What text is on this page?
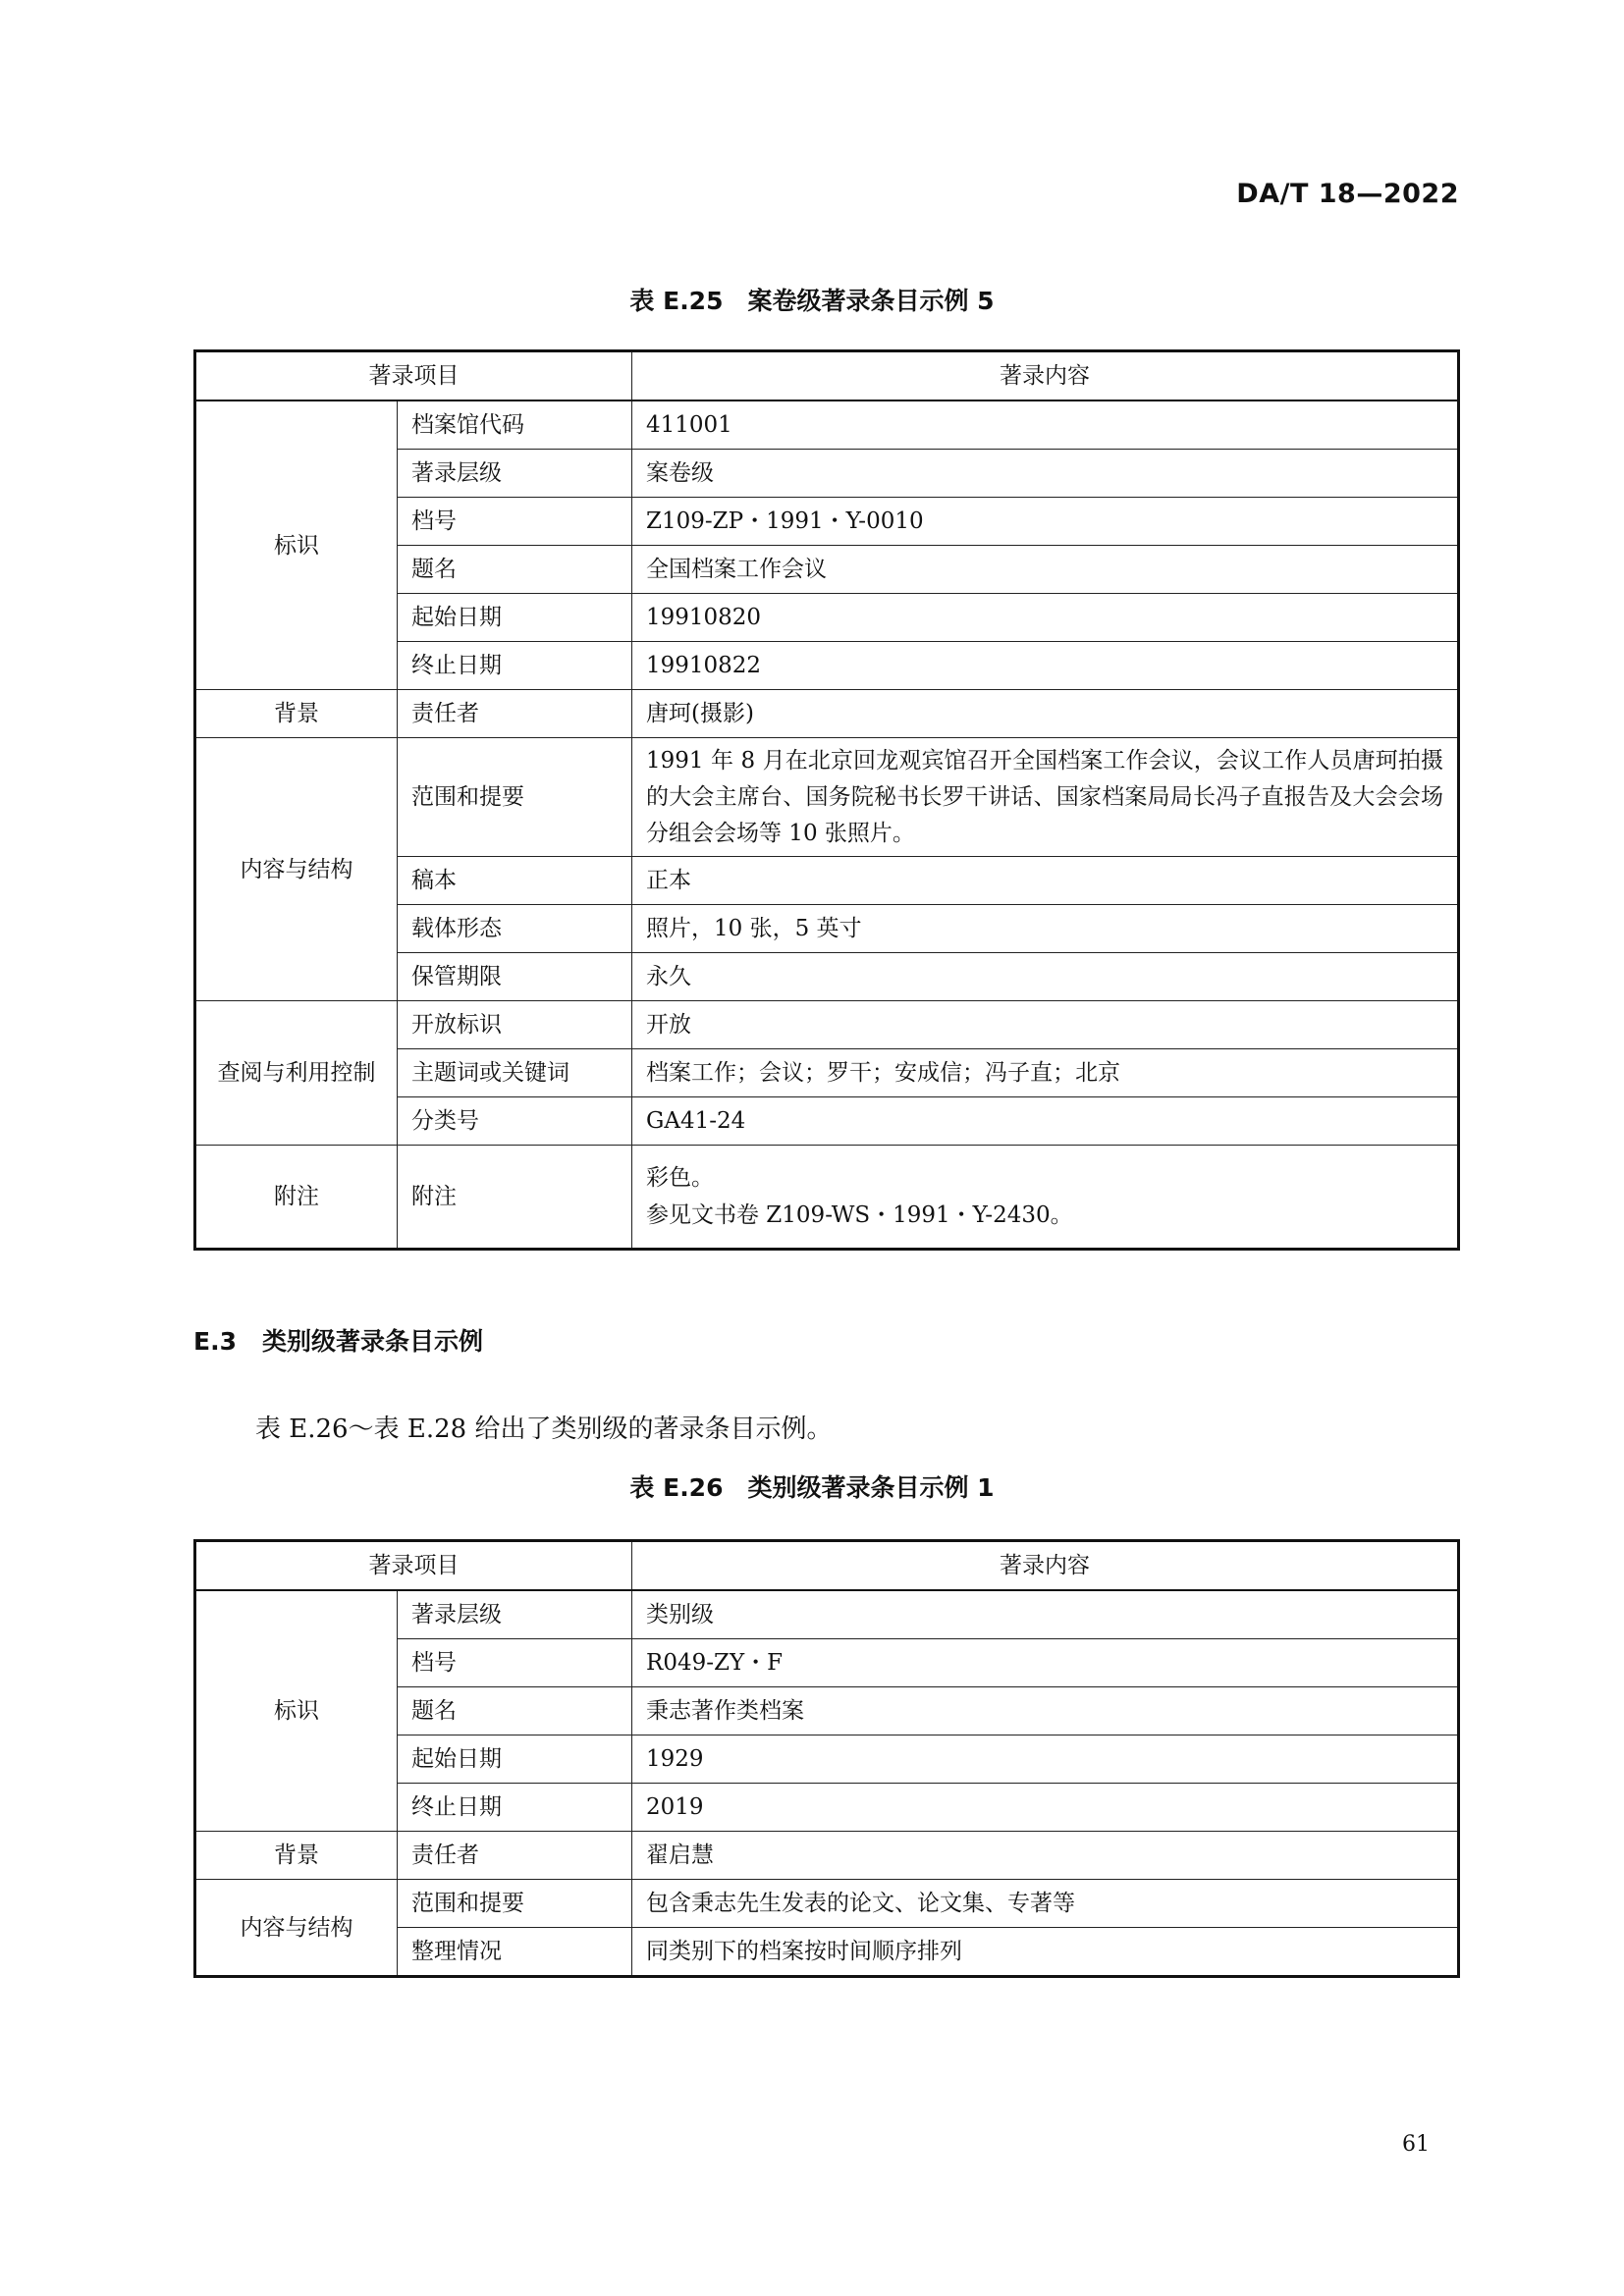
DA/T 18—2022
表 E.25　案卷级著录条目示例 5
著录项目		著录内容
标识	档案馆代码	411001
	著录层级	案卷级
	档号	Z109-ZP・1991・Y-0010
	题名	全国档案工作会议
	起始日期	19910820
	终止日期	19910822
背景	责任者	唐珂(摄影)
内容与结构	范围和提要	1991 年 8 月在北京回龙观宾馆召开全国档案工作会议，会议工作人员唐珂拍摄的大会主席台、国务院秘书长罗干讲话、国家档案局局长冯子直报告及大会会场分组会会场等 10 张照片。
	稿本	正本
	载体形态	照片，10 张，5 英寸
	保管期限	永久
查阅与利用控制	开放标识	开放
	主题词或关键词	档案工作；会议；罗干；安成信；冯子直；北京
	分类号	GA41-24
附注	附注	彩色。
参见文书卷 Z109-WS・1991・Y-2430。
E.3 类别级著录条目示例
表 E.26～表 E.28 给出了类别级的著录条目示例。
表 E.26　类别级著录条目示例 1
著录项目		著录内容
标识	著录层级	类别级
	档号	R049-ZY・F
	题名	秉志著作类档案
	起始日期	1929
	终止日期	2019
背景	责任者	翟启慧
内容与结构	范围和提要	包含秉志先生发表的论文、论文集、专著等
	整理情况	同类别下的档案按时间顺序排列
61
